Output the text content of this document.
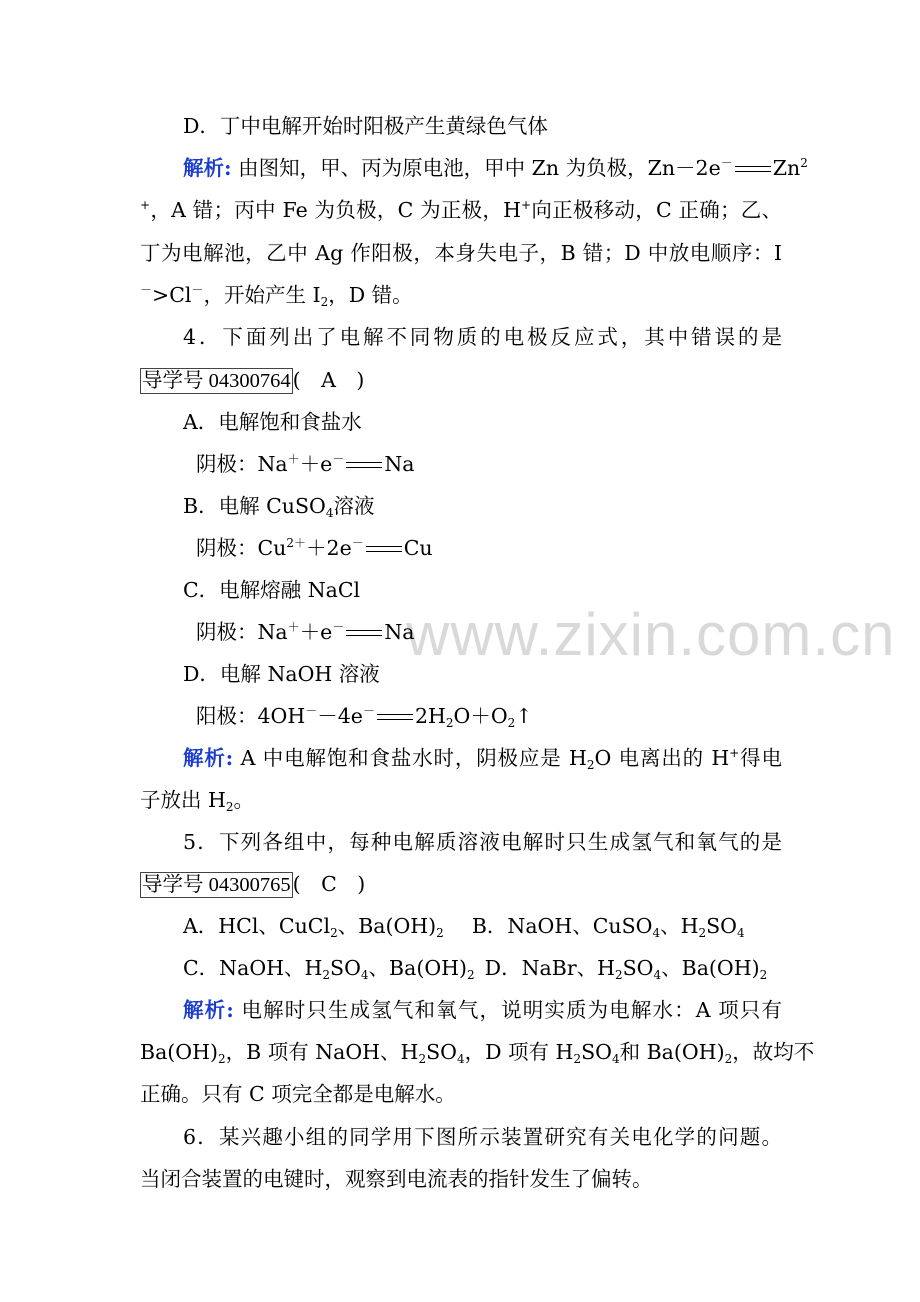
www.zixin.com.cn
D．丁中电解开始时阳极产生黄绿色气体
解析: 由图知，甲、丙为原电池，甲中 Zn 为负极，Zn－2e－ Zn$^2$
+，A 错；丙中 Fe 为负极，C 为正极，H+向正极移动，C 正确；乙、
丁为电解池，乙中 Ag 作阳极，本身失电子，B 错；D 中放电顺序：I
－>Cl－，开始产生 $I_2$，D 错。
4．下面列出了电解不同物质的电极反应式，其中错误的是
导学号 04300764(　A　)
A．电解饱和食盐水
阴极：Na＋＋e－ Na
B．电解 CuSO$_4$溶液
阴极：$Cu^{2+}+2e^-$ Cu
C．电解熔融 NaCl
阴极：Na＋＋e－ Na
D．电解 NaOH 溶液
阳极：4OH－－4e－ $2H_2O+O_2↑$
解析: A 中电解饱和食盐水时，阴极应是 $H_2O$ 电离出的 H+得电
子放出 $H_2$。
5．下列各组中，每种电解质溶液电解时只生成氢气和氧气的是
导学号 04300765(　C　)
A．HCl、CuCl$_2$、$Ba(OH)_2$ B．NaOH、CuSO$_4$、$H_2SO_4$
C．NaOH、$H_2SO_4$、$Ba(OH)_2$ D．NaBr、$H_2SO_4$、$Ba(OH)_2$
解析: 电解时只生成氢气和氧气，说明实质为电解水：A 项只有
$Ba(OH)_2$，B 项有 NaOH、$H_2SO_4$，D 项有 $H_2SO_4$和 $Ba(OH)_2$，故均不
正确。只有 C 项完全都是电解水。
6．某兴趣小组的同学用下图所示装置研究有关电化学的问题。
当闭合装置的电键时，观察到电流表的指针发生了偏转。
